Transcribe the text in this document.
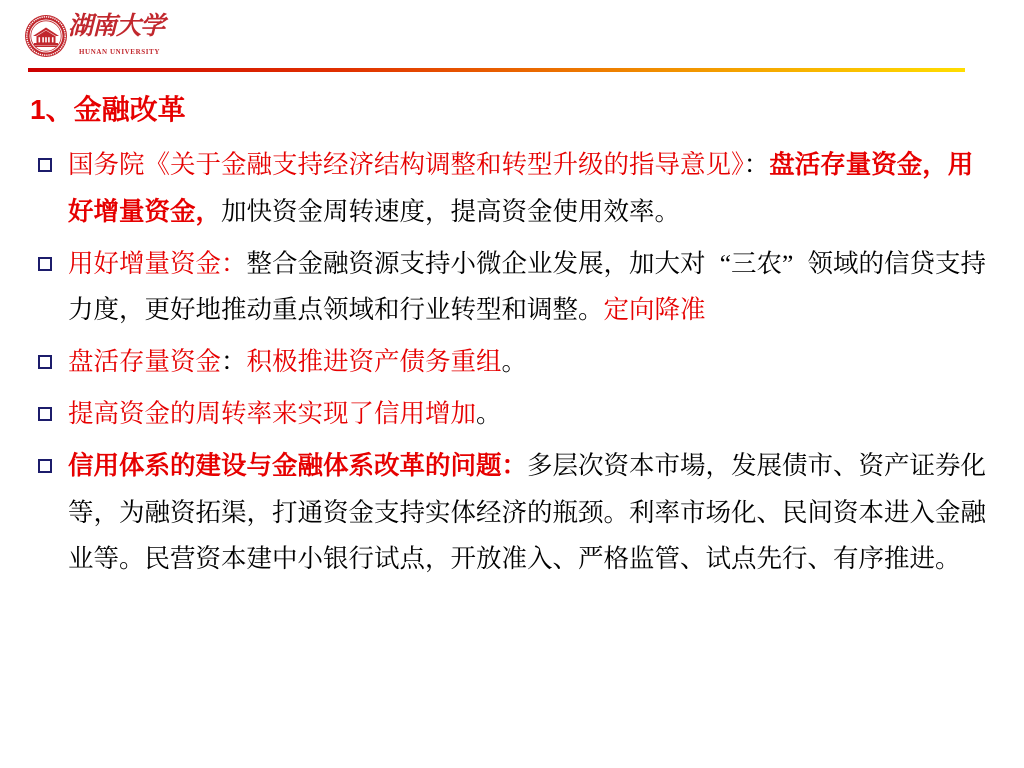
湖南大学
HUNAN UNIVERSITY
1、金融改革

国务院《关于金融支持经济结构调整和转型升级的指导意见》：盘活存量资金，用好增量资金，加快资金周转速度，提高资金使用效率。

用好增量资金：整合金融资源支持小微企业发展，加大对 “三农” 领域的信贷支持力度，更好地推动重点领域和行业转型和调整。定向降准

盘活存量资金：积极推进资产债务重组。

提高资金的周转率来实现了信用增加。

信用体系的建设与金融体系改革的问题：多层次资本市場，发展债市、资产证券化等，为融资拓渠，打通资金支持实体经济的瓶颈。利率市场化、民间资本进入金融业等。民营资本建中小银行试点，开放准入、严格监管、试点先行、有序推进。
